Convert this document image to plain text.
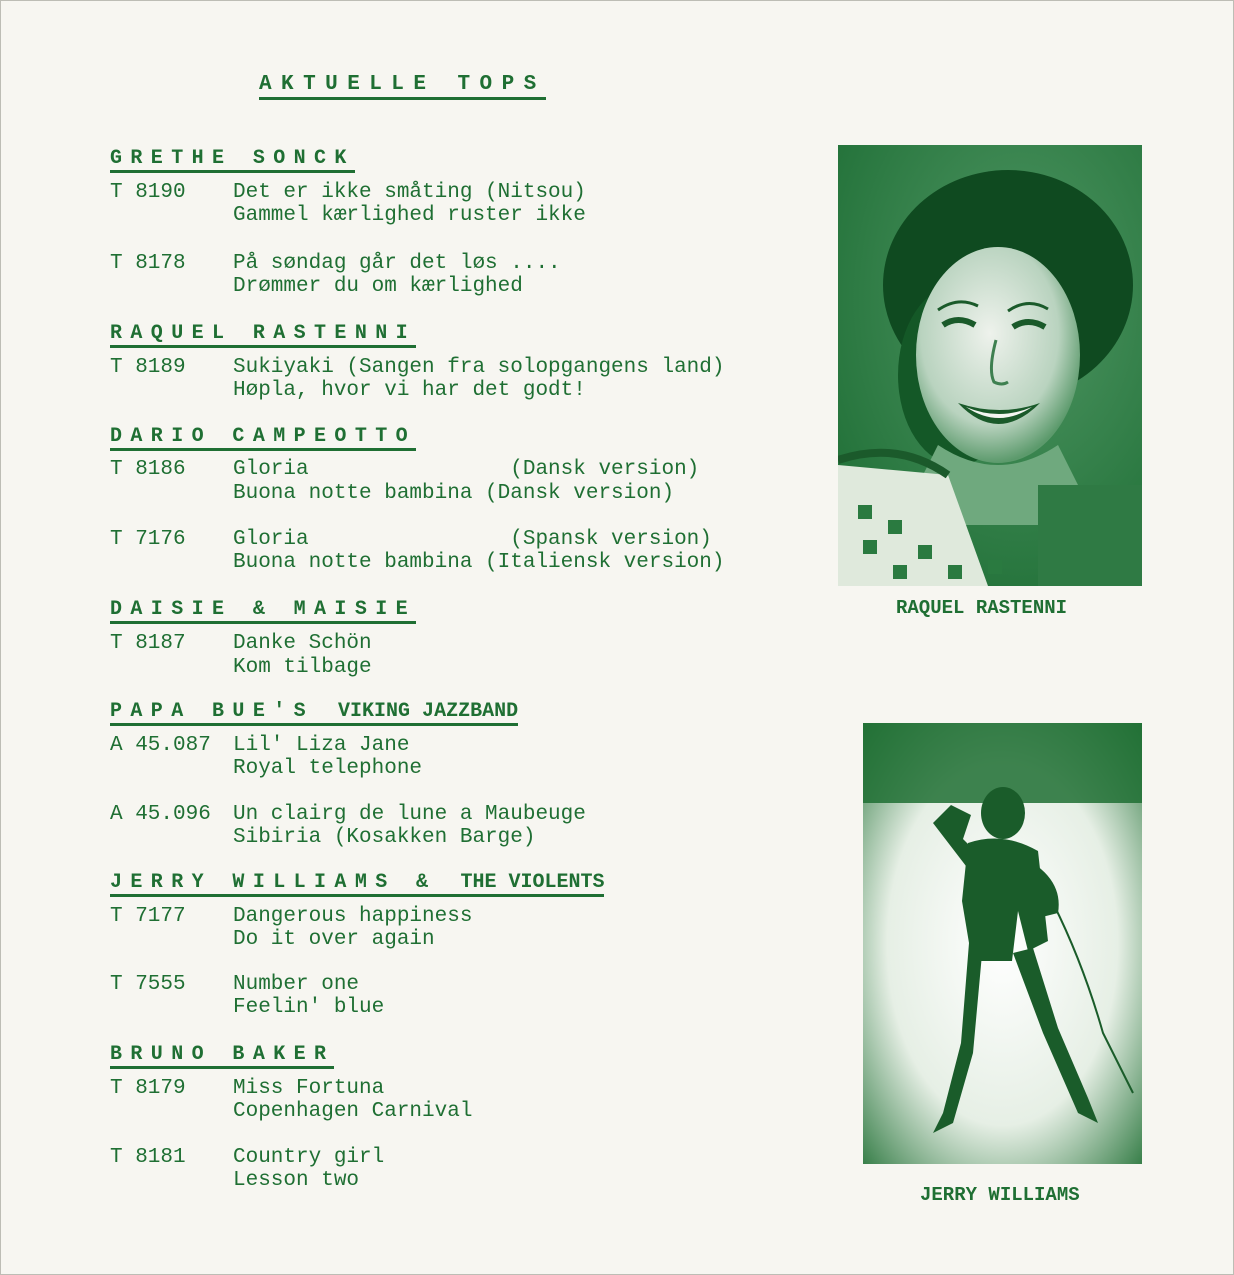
AKTUELLE TOPS
GRETHE SONCK
RAQUEL RASTENNI
DARIO CAMPEOTTO
DAISIE & MAISIE
PAPA BUE'S VIKING JAZZBAND
JERRY WILLIAMS & THE VIOLENTS
BRUNO BAKER
T 8190 Det er ikke småting (Nitsou)
Gammel kærlighed ruster ikke
T 8178 På søndag går det løs ....
Drømmer du om kærlighed
T 8189 Sukiyaki (Sangen fra solopgangens land)
Høpla, hvor vi har det godt!
T 8186 Gloria                (Dansk version)
Buona notte bambina (Dansk version)
T 7176 Gloria                (Spansk version)
Buona notte bambina (Italiensk version)
T 8187 Danke Schön
Kom tilbage
A 45.087 Lil' Liza Jane
Royal telephone
A 45.096 Un clairg de lune a Maubeuge
Sibiria (Kosakken Barge)
T 7177 Dangerous happiness
Do it over again
T 7555 Number one
Feelin' blue
T 8179 Miss Fortuna
Copenhagen Carnival
T 8181 Country girl
Lesson two
RAQUEL RASTENNI
JERRY WILLIAMS
